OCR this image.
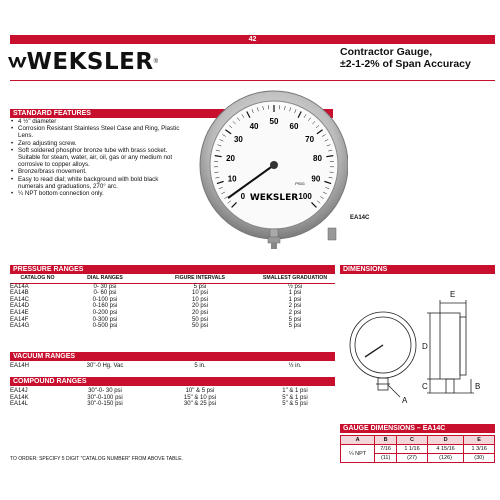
42
WEKSLER ®
Contractor Gauge,
±2-1-2% of Span Accuracy
STANDARD FEATURES
• 4 ½" diameter
• Corrosion Resistant Stainless Steel Case and Ring, Plastic Lens.
• Zero adjusting screw.
• Soft soldered phosphor bronze tube with brass socket. Suitable for steam, water, air, oil, gas or any medium not corrosive to copper alloys.
• Bronze/brass movement.
• Easy to read dial; white background with bold black numerals and graduations, 270° arc.
• ¼ NPT bottom connection only.	0
10
20
30
40
50
60
70
80
90
100
WEKSLER
PSIG
EA14C
PRESSURE RANGES
CATALOG NO	DIAL RANGES	FIGURE INTERVALS	SMALLEST GRADUATION
EA14A	0- 30 psi	5 psi	½ psi
EA14B	0- 60 psi	10 psi	1 psi
EA14C	0-100 psi	10 psi	1 psi
EA14D	0-160 psi	20 psi	2 psi
EA14E	0-200 psi	20 psi	2 psi
EA14F	0-300 psi	50 psi	5 psi
EA14G	0-500 psi	50 psi	5 psi
VACUUM RANGES
EA14H	30"-0 Hg. Vac	5 in.	½ in.
COMPOUND RANGES
EA14J	30"-0- 30 psi	10" & 5 psi	1" & 1 psi
EA14K	30"-0-100 psi	15" & 10 psi	5" & 1 psi
EA14L	30"-0-150 psi	30" & 25 psi	5" & 5 psi
TO ORDER: SPECIFY 5 DIGIT "CATALOG NUMBER" FROM ABOVE TABLE.
DIMENSIONS
E
D
C	B
A
GAUGE DIMENSIONS – EA14C
A	B	C	D	E
¼ NPT	7/16	1 1/16	4 15/16	1 3/16
	(11)	(27)	(126)	(30)
